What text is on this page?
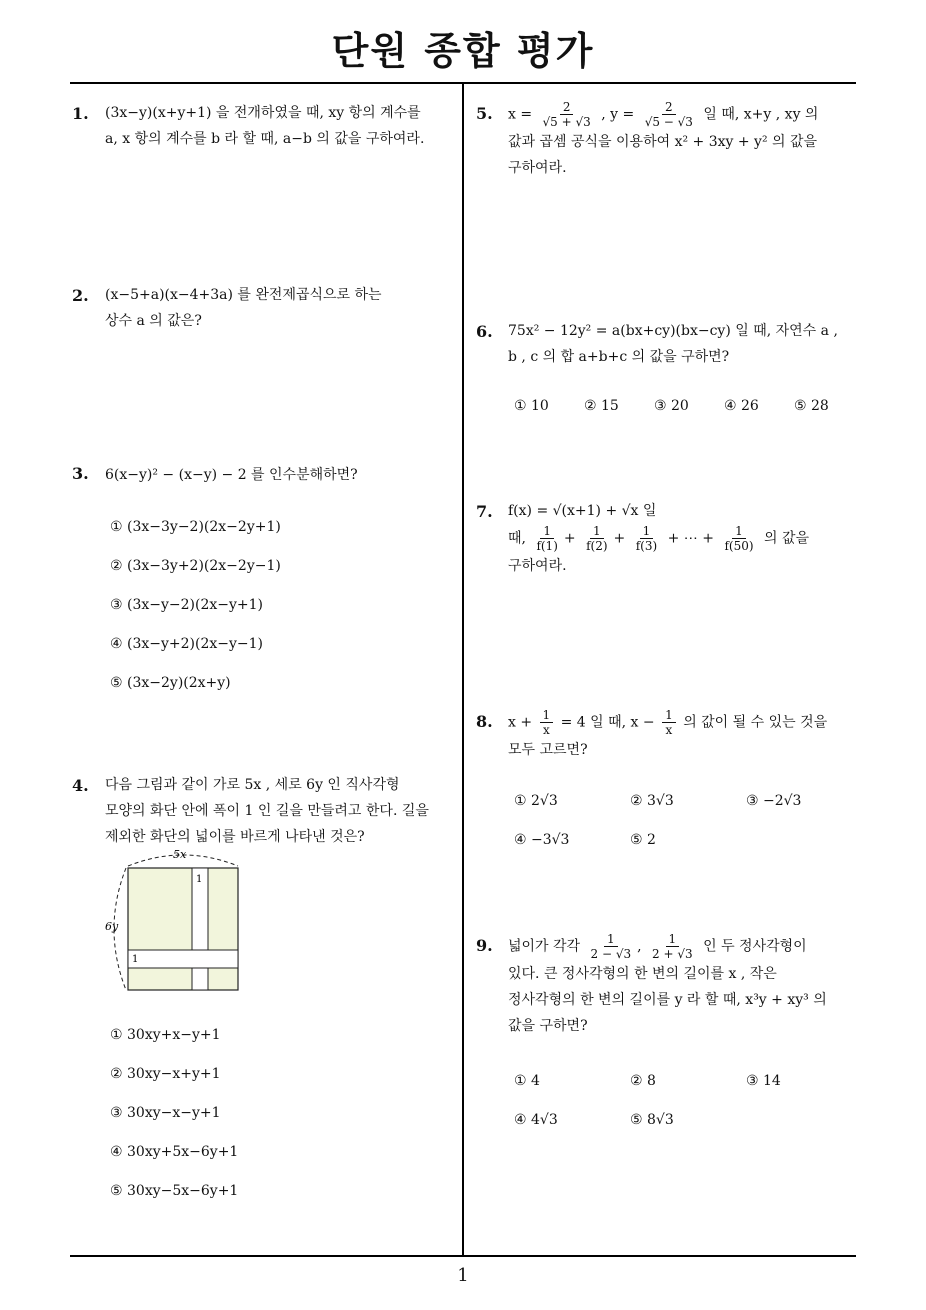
단원 종합 평가
1
1. (3x−y)(x+y+1) 을 전개하였을 때, xy 항의 계수를
a, x 항의 계수를 b 라 할 때, a−b 의 값을 구하여라.
2. (x−5+a)(x−4+3a) 를 완전제곱식으로 하는
상수 a 의 값은?
3. 6(x−y)² − (x−y) − 2 를 인수분해하면?
① (3x−3y−2)(2x−2y+1)
② (3x−3y+2)(2x−2y−1)
③ (3x−y−2)(2x−y+1)
④ (3x−y+2)(2x−y−1)
⑤ (3x−2y)(2x+y)
4. 다음 그림과 같이 가로 5x , 세로 6y 인 직사각형
모양의 화단 안에 폭이 1 인 길을 만들려고 한다. 길을
제외한 화단의 넓이를 바르게 나타낸 것은?
5x
6y
1
1
① 30xy+x−y+1
② 30xy−x+y+1
③ 30xy−x−y+1
④ 30xy+5x−6y+1
⑤ 30xy−5x−6y+1
5. $x = \frac{2}{√5 + √3}$ , $y = \frac{2}{√5 - √3}$ 일 때, x+y , xy 의
값과 곱셈 공식을 이용하여 x² + 3xy + y² 의 값을
구하여라.
6. 75x² − 12y² = a(bx+cy)(bx−cy) 일 때, 자연수 a ,
b , c 의 합 a+b+c 의 값을 구하면?
① 10	② 15	③ 20	④ 26	⑤ 28
7. f(x) = √(x+1) + √x 일
때, $\frac{1}{f(1)} + \frac{1}{f(2)} + \frac{1}{f(3)}$ + ⋯ + $\frac{1}{f(50)}$ 의 값을
구하여라.
8. $x + \frac{1}{x} = 4$ 일 때, $x - \frac{1}{x}$ 의 값이 될 수 있는 것을
모두 고르면?
① 2√3	② 3√3	③ −2√3
④ −3√3	⑤ 2
9. 넓이가 각각 $\frac{1}{2 - √3}$ , $\frac{1}{2 + √3}$ 인 두 정사각형이
있다. 큰 정사각형의 한 변의 길이를 x , 작은
정사각형의 한 변의 길이를 y 라 할 때, x³y + xy³ 의
값을 구하면?
① 4	② 8	③ 14
④ 4√3	⑤ 8√3
